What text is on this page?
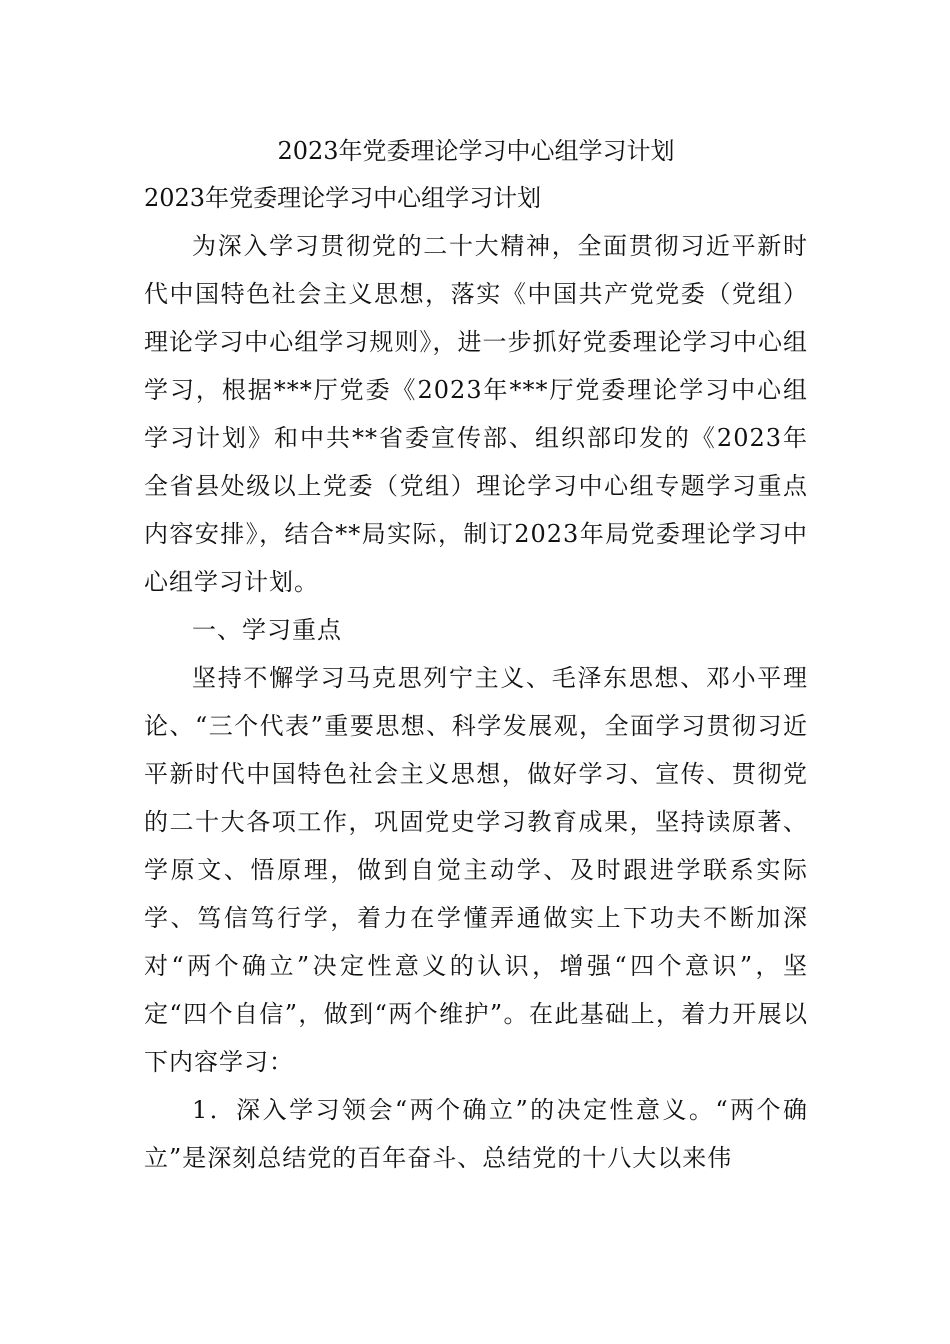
2023年党委理论学习中心组学习计划

2023年党委理论学习中心组学习计划

为深入学习贯彻党的二十大精神，全面贯彻习近平新时代中国特色社会主义思想，落实《中国共产党党委（党组）理论学习中心组学习规则》，进一步抓好党委理论学习中心组学习，根据***厅党委《2023年***厅党委理论学习中心组学习计划》和中共**省委宣传部、组织部印发的《2023年全省县处级以上党委（党组）理论学习中心组专题学习重点内容安排》，结合**局实际，制订2023年局党委理论学习中心组学习计划。

一、学习重点

坚持不懈学习马克思列宁主义、毛泽东思想、邓小平理论、“三个代表”重要思想、科学发展观，全面学习贯彻习近平新时代中国特色社会主义思想，做好学习、宣传、贯彻党的二十大各项工作，巩固党史学习教育成果，坚持读原著、学原文、悟原理，做到自觉主动学、及时跟进学联系实际学、笃信笃行学，着力在学懂弄通做实上下功夫不断加深对“两个确立”决定性意义的认识，增强“四个意识”，坚定“四个自信”，做到“两个维护”。在此基础上，着力开展以下内容学习：

1．深入学习领会“两个确立”的决定性意义。“两个确立”是深刻总结党的百年奋斗、总结党的十八大以来伟
